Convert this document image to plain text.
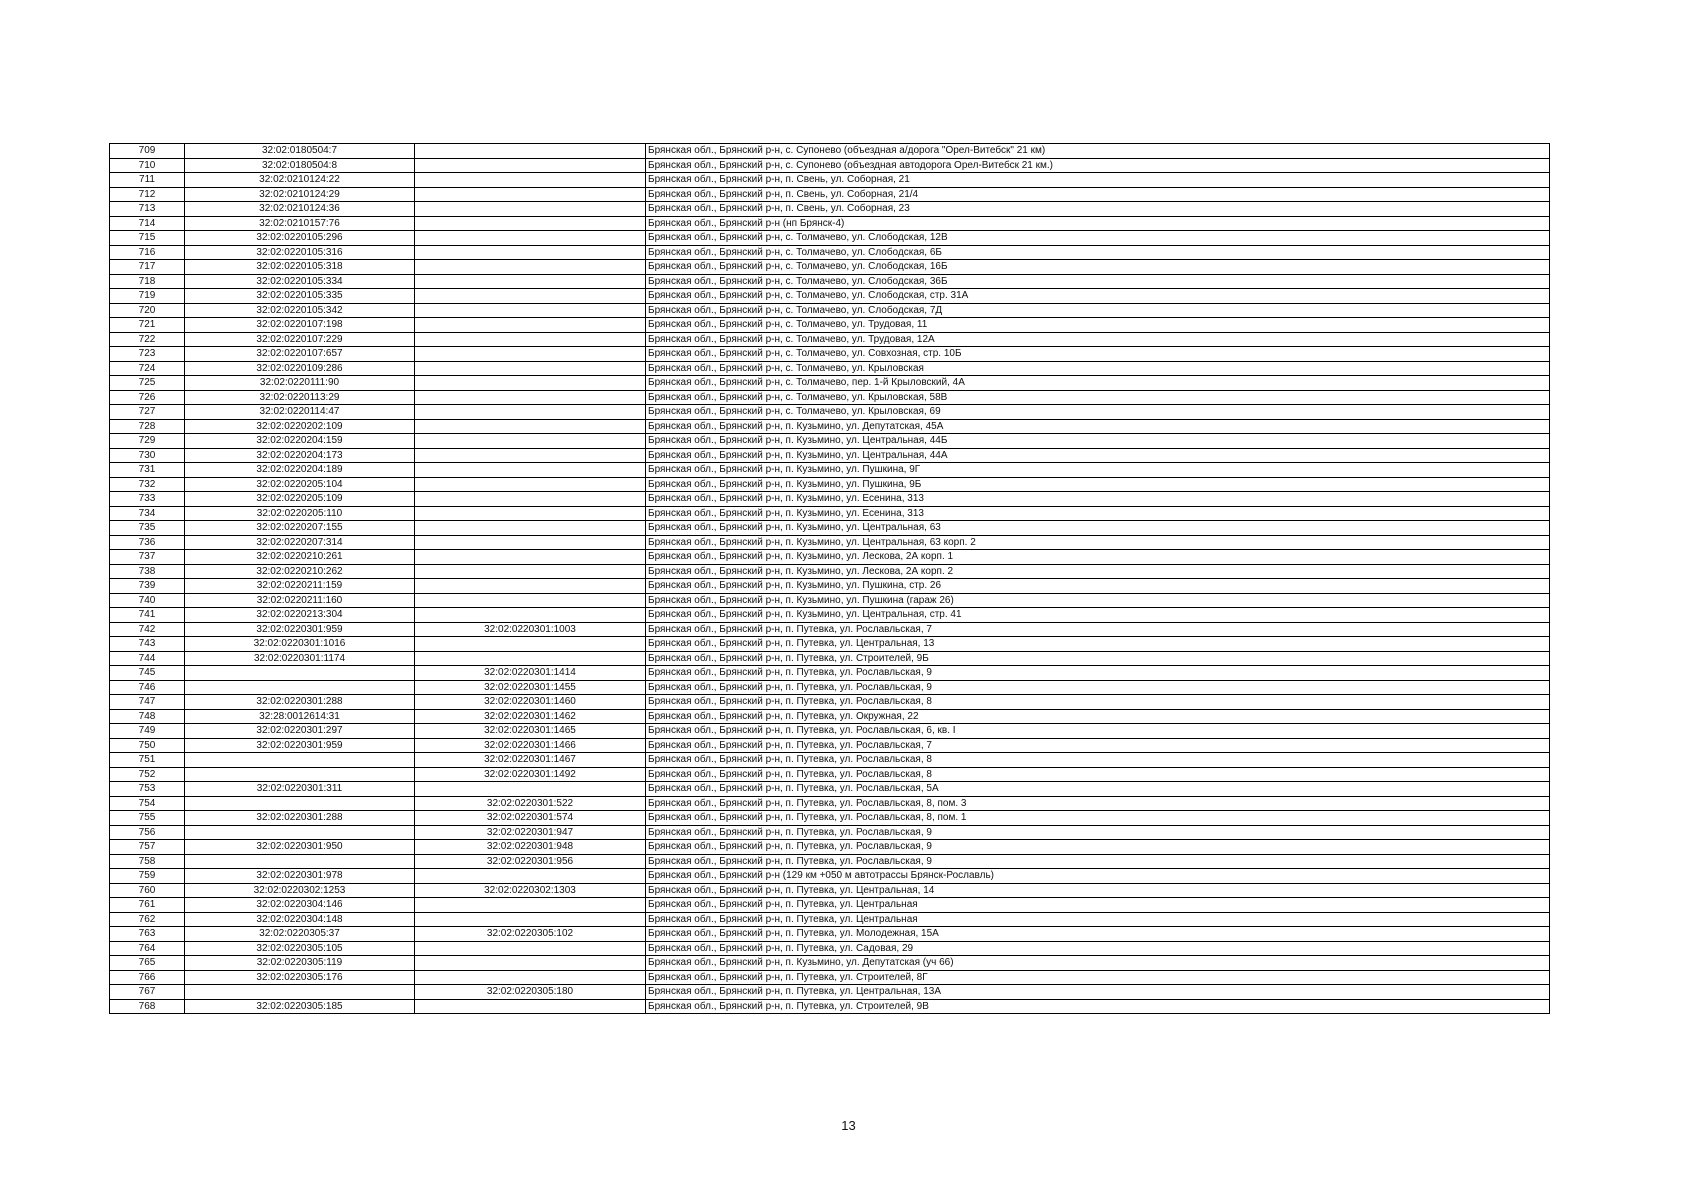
709	32:02:0180504:7		Брянская обл., Брянский р-н, с. Супонево (объездная а/дорога "Орел-Витебск" 21 км)
710	32:02:0180504:8		Брянская обл., Брянский р-н, с. Супонево (объездная автодорога Орел-Витебск 21 км.)
711	32:02:0210124:22		Брянская обл., Брянский р-н, п. Свень, ул. Соборная, 21
712	32:02:0210124:29		Брянская обл., Брянский р-н, п. Свень, ул. Соборная, 21/4
713	32:02:0210124:36		Брянская обл., Брянский р-н, п. Свень, ул. Соборная, 23
714	32:02:0210157:76		Брянская обл., Брянский р-н (нп Брянск-4)
715	32:02:0220105:296		Брянская обл., Брянский р-н, с. Толмачево, ул. Слободская, 12В
716	32:02:0220105:316		Брянская обл., Брянский р-н, с. Толмачево, ул. Слободская, 6Б
717	32:02:0220105:318		Брянская обл., Брянский р-н, с. Толмачево, ул. Слободская, 16Б
718	32:02:0220105:334		Брянская обл., Брянский р-н, с. Толмачево, ул. Слободская, 36Б
719	32:02:0220105:335		Брянская обл., Брянский р-н, с. Толмачево, ул. Слободская, стр. 31А
720	32:02:0220105:342		Брянская обл., Брянский р-н, с. Толмачево, ул. Слободская, 7Д
721	32:02:0220107:198		Брянская обл., Брянский р-н, с. Толмачево, ул. Трудовая, 11
722	32:02:0220107:229		Брянская обл., Брянский р-н, с. Толмачево, ул. Трудовая, 12А
723	32:02:0220107:657		Брянская обл., Брянский р-н, с. Толмачево, ул. Совхозная, стр. 10Б
724	32:02:0220109:286		Брянская обл., Брянский р-н, с. Толмачево, ул. Крыловская
725	32:02:0220111:90		Брянская обл., Брянский р-н, с. Толмачево, пер. 1-й Крыловский, 4А
726	32:02:0220113:29		Брянская обл., Брянский р-н, с. Толмачево, ул. Крыловская, 58В
727	32:02:0220114:47		Брянская обл., Брянский р-н, с. Толмачево, ул. Крыловская, 69
728	32:02:0220202:109		Брянская обл., Брянский р-н, п. Кузьмино, ул. Депутатская, 45А
729	32:02:0220204:159		Брянская обл., Брянский р-н, п. Кузьмино, ул. Центральная, 44Б
730	32:02:0220204:173		Брянская обл., Брянский р-н, п. Кузьмино, ул. Центральная, 44А
731	32:02:0220204:189		Брянская обл., Брянский р-н, п. Кузьмино, ул. Пушкина, 9Г
732	32:02:0220205:104		Брянская обл., Брянский р-н, п. Кузьмино, ул. Пушкина, 9Б
733	32:02:0220205:109		Брянская обл., Брянский р-н, п. Кузьмино, ул. Есенина, 313
734	32:02:0220205:110		Брянская обл., Брянский р-н, п. Кузьмино, ул. Есенина, 313
735	32:02:0220207:155		Брянская обл., Брянский р-н, п. Кузьмино, ул. Центральная, 63
736	32:02:0220207:314		Брянская обл., Брянский р-н, п. Кузьмино, ул. Центральная, 63 корп. 2
737	32:02:0220210:261		Брянская обл., Брянский р-н, п. Кузьмино, ул. Лескова, 2А корп. 1
738	32:02:0220210:262		Брянская обл., Брянский р-н, п. Кузьмино, ул. Лескова, 2А корп. 2
739	32:02:0220211:159		Брянская обл., Брянский р-н, п. Кузьмино, ул. Пушкина, стр. 26
740	32:02:0220211:160		Брянская обл., Брянский р-н, п. Кузьмино, ул. Пушкина (гараж 26)
741	32:02:0220213:304		Брянская обл., Брянский р-н, п. Кузьмино, ул. Центральная, стр. 41
742	32:02:0220301:959	32:02:0220301:1003	Брянская обл., Брянский р-н, п. Путевка, ул. Рославльская, 7
743	32:02:0220301:1016		Брянская обл., Брянский р-н, п. Путевка, ул. Центральная, 13
744	32:02:0220301:1174		Брянская обл., Брянский р-н, п. Путевка, ул. Строителей, 9Б
745		32:02:0220301:1414	Брянская обл., Брянский р-н, п. Путевка, ул. Рославльская, 9
746		32:02:0220301:1455	Брянская обл., Брянский р-н, п. Путевка, ул. Рославльская, 9
747	32:02:0220301:288	32:02:0220301:1460	Брянская обл., Брянский р-н, п. Путевка, ул. Рославльская, 8
748	32:28:0012614:31	32:02:0220301:1462	Брянская обл., Брянский р-н, п. Путевка, ул. Окружная, 22
749	32:02:0220301:297	32:02:0220301:1465	Брянская обл., Брянский р-н, п. Путевка, ул. Рославльская, 6, кв. I
750	32:02:0220301:959	32:02:0220301:1466	Брянская обл., Брянский р-н, п. Путевка, ул. Рославльская, 7
751		32:02:0220301:1467	Брянская обл., Брянский р-н, п. Путевка, ул. Рославльская, 8
752		32:02:0220301:1492	Брянская обл., Брянский р-н, п. Путевка, ул. Рославльская, 8
753	32:02:0220301:311		Брянская обл., Брянский р-н, п. Путевка, ул. Рославльская, 5А
754		32:02:0220301:522	Брянская обл., Брянский р-н, п. Путевка, ул. Рославльская, 8, пом. 3
755	32:02:0220301:288	32:02:0220301:574	Брянская обл., Брянский р-н, п. Путевка, ул. Рославльская, 8, пом. 1
756		32:02:0220301:947	Брянская обл., Брянский р-н, п. Путевка, ул. Рославльская, 9
757	32:02:0220301:950	32:02:0220301:948	Брянская обл., Брянский р-н, п. Путевка, ул. Рославльская, 9
758		32:02:0220301:956	Брянская обл., Брянский р-н, п. Путевка, ул. Рославльская, 9
759	32:02:0220301:978		Брянская обл., Брянский р-н (129 км +050 м автотрассы Брянск-Рославль)
760	32:02:0220302:1253	32:02:0220302:1303	Брянская обл., Брянский р-н, п. Путевка, ул. Центральная, 14
761	32:02:0220304:146		Брянская обл., Брянский р-н, п. Путевка, ул. Центральная
762	32:02:0220304:148		Брянская обл., Брянский р-н, п. Путевка, ул. Центральная
763	32:02:0220305:37	32:02:0220305:102	Брянская обл., Брянский р-н, п. Путевка, ул. Молодежная, 15А
764	32:02:0220305:105		Брянская обл., Брянский р-н, п. Путевка, ул. Садовая, 29
765	32:02:0220305:119		Брянская обл., Брянский р-н, п. Кузьмино, ул. Депутатская (уч 66)
766	32:02:0220305:176		Брянская обл., Брянский р-н, п. Путевка, ул. Строителей, 8Г
767		32:02:0220305:180	Брянская обл., Брянский р-н, п. Путевка, ул. Центральная, 13А
768	32:02:0220305:185		Брянская обл., Брянский р-н, п. Путевка, ул. Строителей, 9В
13
